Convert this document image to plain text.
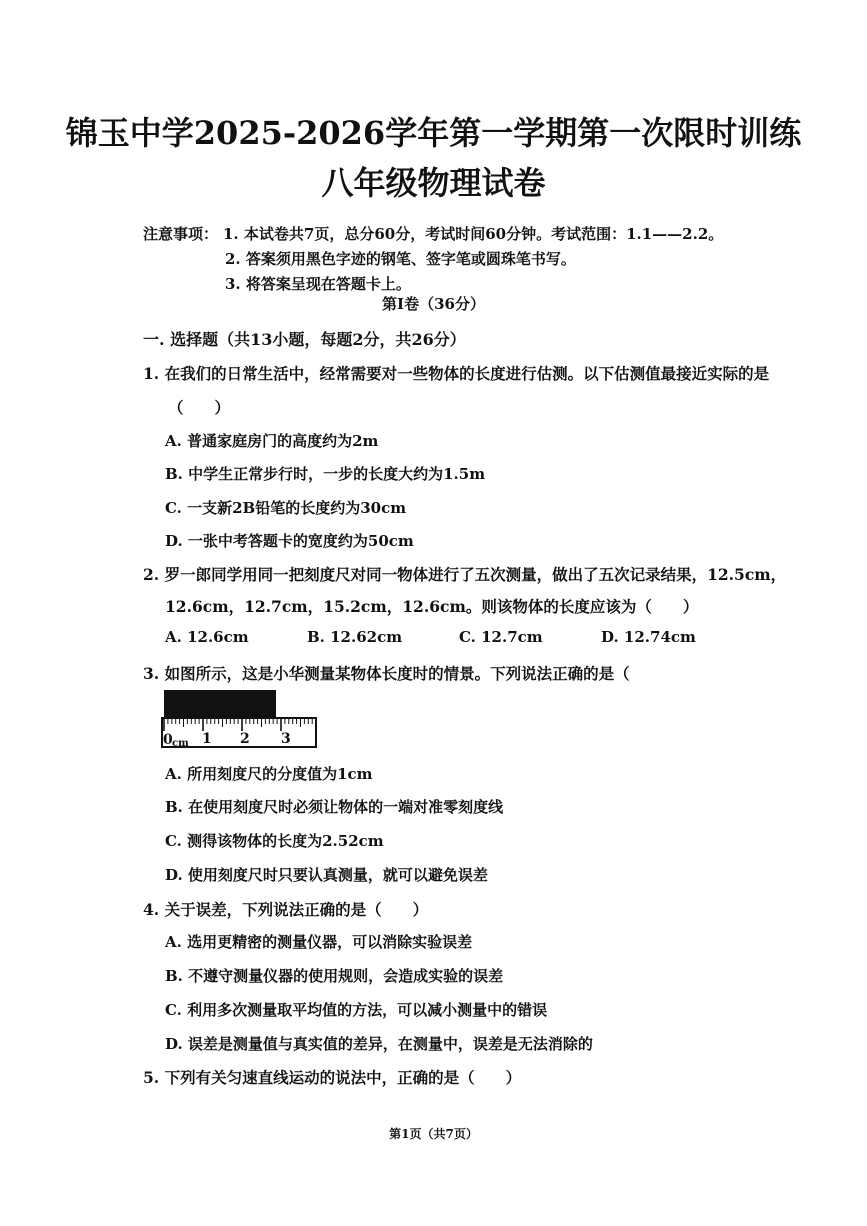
锦玉中学2025-2026学年第一学期第一次限时训练
八年级物理试卷
注意事项： 1. 本试卷共7页，总分60分，考试时间60分钟。考试范围：1.1——2.2。
2. 答案须用黑色字迹的钢笔、签字笔或圆珠笔书写。
3. 将答案呈现在答题卡上。
第Ⅰ卷（36分）
一. 选择题（共13小题，每题2分，共26分）
1. 在我们的日常生活中，经常需要对一些物体的长度进行估测。以下估测值最接近实际的是
（　　）
A. 普通家庭房门的高度约为2m
B. 中学生正常步行时，一步的长度大约为1.5m
C. 一支新2B铅笔的长度约为30cm
D. 一张中考答题卡的宽度约为50cm
2. 罗一郎同学用同一把刻度尺对同一物体进行了五次测量，做出了五次记录结果，12.5cm，
12.6cm，12.7cm，15.2cm，12.6cm。则该物体的长度应该为（　　）
A. 12.6cm	B. 12.62cm	C. 12.7cm	D. 12.74cm
3. 如图所示，这是小华测量某物体长度时的情景。下列说法正确的是（
0 cm 1 2 3
A. 所用刻度尺的分度值为1cm
B. 在使用刻度尺时必须让物体的一端对准零刻度线
C. 测得该物体的长度为2.52cm
D. 使用刻度尺时只要认真测量，就可以避免误差
4. 关于误差，下列说法正确的是（　　）
A. 选用更精密的测量仪器，可以消除实验误差
B. 不遵守测量仪器的使用规则，会造成实验的误差
C. 利用多次测量取平均值的方法，可以减小测量中的错误
D. 误差是测量值与真实值的差异，在测量中，误差是无法消除的
5. 下列有关匀速直线运动的说法中，正确的是（　　）
第1页（共7页）
